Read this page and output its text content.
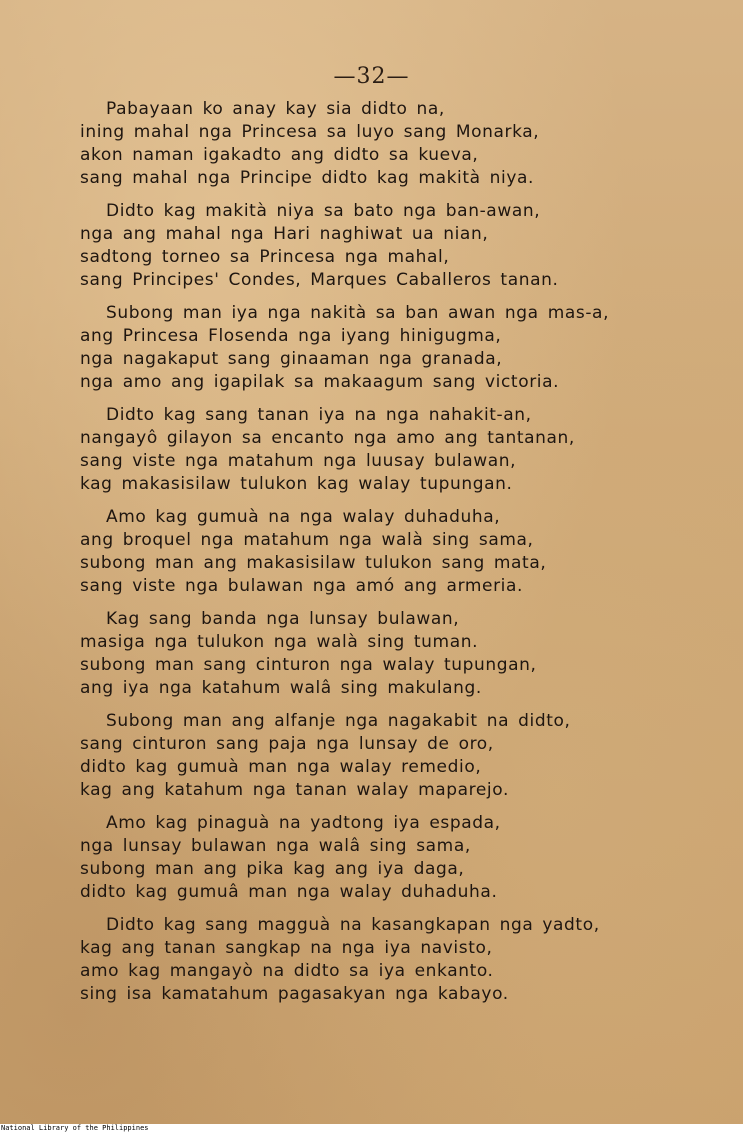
—32—
Pabayaan ko anay kay sia didto na,
ining mahal nga Princesa sa luyo sang Monarka,
akon naman igakadto ang didto sa kueva,
sang mahal nga Principe didto kag makità niya.
Didto kag makità niya sa bato nga ban-awan,
nga ang mahal nga Hari naghiwat ua nian,
sadtong torneo sa Princesa nga mahal,
sang Principes' Condes, Marques Caballeros tanan.
Subong man iya nga nakità sa ban awan nga mas-a,
ang Princesa Flosenda nga iyang hinigugma,
nga nagakaput sang ginaaman nga granada,
nga amo ang igapilak sa makaagum sang victoria.
Didto kag sang tanan iya na nga nahakit-an,
nangayô gilayon sa encanto nga amo ang tantanan,
sang viste nga matahum nga luusay bulawan,
kag makasisilaw tulukon kag walay tupungan.
Amo kag gumuà na nga walay duhaduha,
ang broquel nga matahum nga walà sing sama,
subong man ang makasisilaw tulukon sang mata,
sang viste nga bulawan nga amó ang armeria.
Kag sang banda nga lunsay bulawan,
masiga nga tulukon nga walà sing tuman.
subong man sang cinturon nga walay tupungan,
ang iya nga katahum walâ sing makulang.
Subong man ang alfanje nga nagakabit na didto,
sang cinturon sang paja nga lunsay de oro,
didto kag gumuà man nga walay remedio,
kag ang katahum nga tanan walay maparejo.
Amo kag pinaguà na yadtong iya espada,
nga lunsay bulawan nga walâ sing sama,
subong man ang pika kag ang iya daga,
didto kag gumuâ man nga walay duhaduha.
Didto kag sang magguà na kasangkapan nga yadto,
kag ang tanan sangkap na nga iya navisto,
amo kag mangayò na didto sa iya enkanto.
sing isa kamatahum pagasakyan nga kabayo.
National Library of the Philippines
